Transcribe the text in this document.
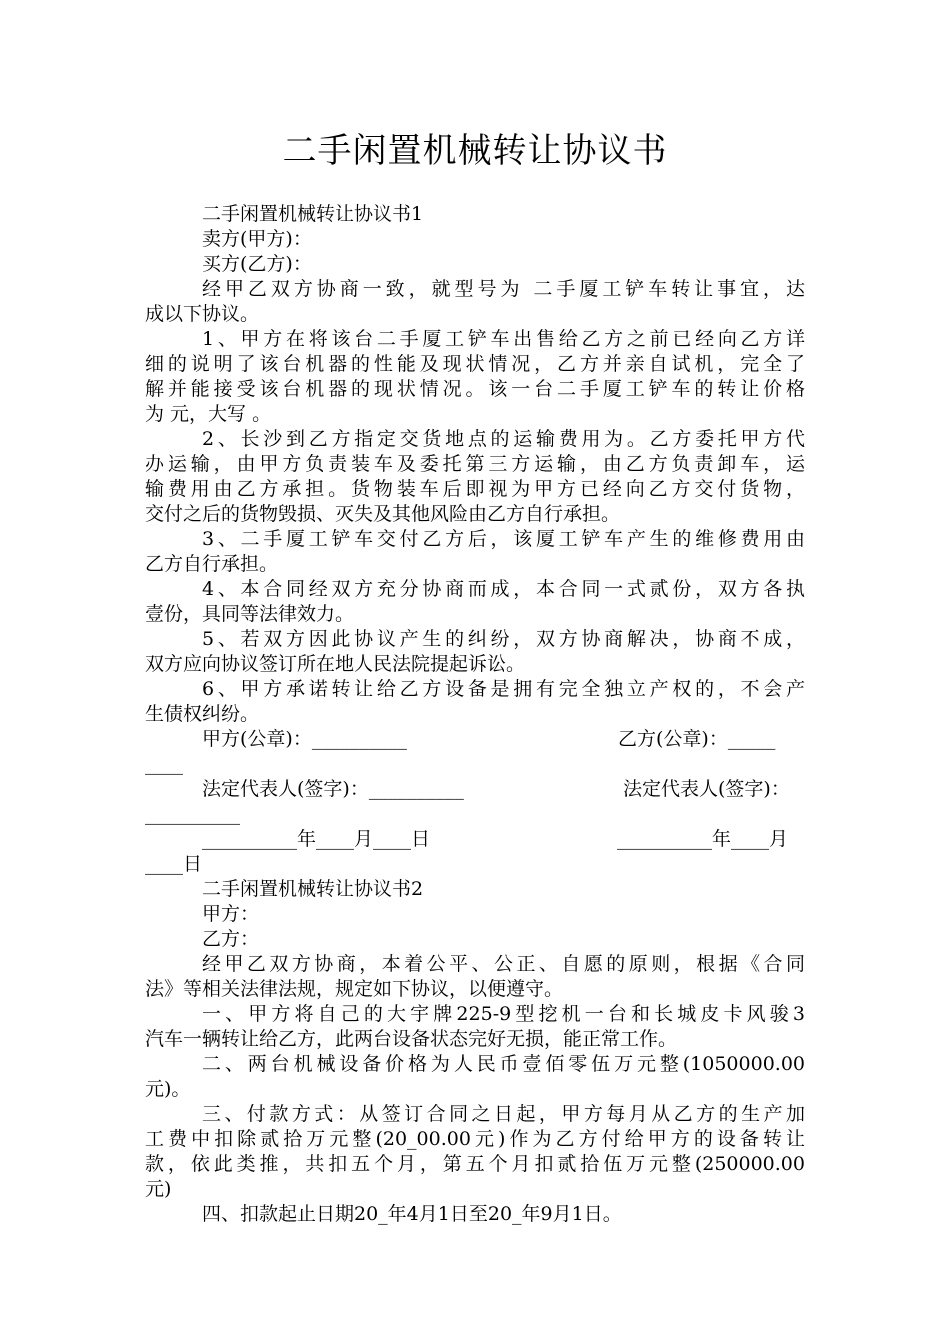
二手闲置机械转让协议书
二手闲置机械转让协议书1
卖方(甲方)：
买方(乙方)：
经甲乙双方协商一致，就型号为 二手厦工铲车转让事宜，达
成以下协议。
1、甲方在将该台二手厦工铲车出售给乙方之前已经向乙方详
细的说明了该台机器的性能及现状情况，乙方并亲自试机，完全了
解并能接受该台机器的现状情况。该一台二手厦工铲车的转让价格
为 元，大写 。
2、长沙到乙方指定交货地点的运输费用为。乙方委托甲方代
办运输，由甲方负责装车及委托第三方运输，由乙方负责卸车，运
输费用由乙方承担。货物装车后即视为甲方已经向乙方交付货物，
交付之后的货物毁损、灭失及其他风险由乙方自行承担。
3、二手厦工铲车交付乙方后，该厦工铲车产生的维修费用由
乙方自行承担。
4、本合同经双方充分协商而成，本合同一式贰份，双方各执
壹份，具同等法律效力。
5、若双方因此协议产生的纠纷，双方协商解决，协商不成，
双方应向协议签订所在地人民法院提起诉讼。
6、甲方承诺转让给乙方设备是拥有完全独立产权的，不会产
生债权纠纷。
甲方(公章)：__________	乙方(公章)：_____
____
法定代表人(签字)：__________	法定代表人(签字)：
__________
__________年____月____日	__________年____月
____日
二手闲置机械转让协议书2
甲方：
乙方：
经甲乙双方协商，本着公平、公正、自愿的原则，根据《合同
法》等相关法律法规，规定如下协议，以便遵守。
一、甲方将自己的大宇牌225-9型挖机一台和长城皮卡风骏3
汽车一辆转让给乙方，此两台设备状态完好无损，能正常工作。
二、两台机械设备价格为人民币壹佰零伍万元整(1050000.00
元)。
三、付款方式：从签订合同之日起，甲方每月从乙方的生产加
工费中扣除贰拾万元整(20_00.00元)作为乙方付给甲方的设备转让
款，依此类推，共扣五个月，第五个月扣贰拾伍万元整(250000.00
元)
四、扣款起止日期20_年4月1日至20_年9月1日。
